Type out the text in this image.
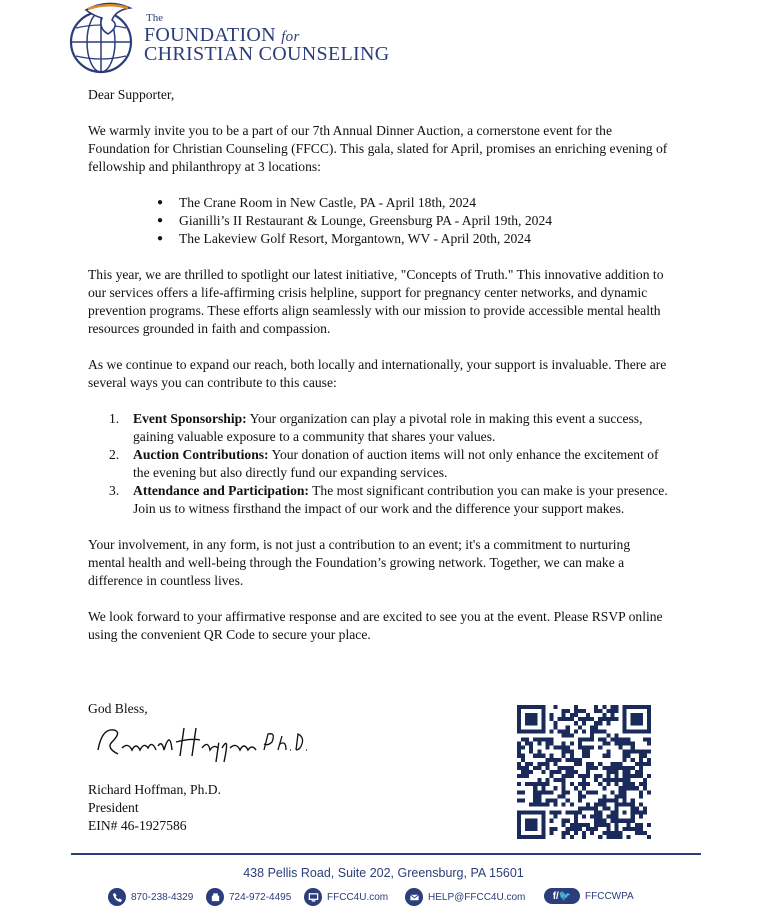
The
FOUNDATION for
CHRISTIAN COUNSELING

Dear Supporter,

We warmly invite you to be a part of our 7th Annual Dinner Auction, a cornerstone event for the Foundation for Christian Counseling (FFCC). This gala, slated for April, promises an enriching evening of fellowship and philanthropy at 3 locations:

● The Crane Room in New Castle, PA - April 18th, 2024
● Gianilli’s II Restaurant & Lounge, Greensburg PA - April 19th, 2024
● The Lakeview Golf Resort, Morgantown, WV - April 20th, 2024

This year, we are thrilled to spotlight our latest initiative, "Concepts of Truth." This innovative addition to our services offers a life-affirming crisis helpline, support for pregnancy center networks, and dynamic prevention programs. These efforts align seamlessly with our mission to provide accessible mental health resources grounded in faith and compassion.

As we continue to expand our reach, both locally and internationally, your support is invaluable. There are several ways you can contribute to this cause:

1. Event Sponsorship: Your organization can play a pivotal role in making this event a success, gaining valuable exposure to a community that shares your values.
2. Auction Contributions: Your donation of auction items will not only enhance the excitement of the evening but also directly fund our expanding services.
3. Attendance and Participation: The most significant contribution you can make is your presence. Join us to witness firsthand the impact of our work and the difference your support makes.

Your involvement, in any form, is not just a contribution to an event; it's a commitment to nurturing mental health and well-being through the Foundation’s growing network. Together, we can make a difference in countless lives.

We look forward to your affirmative response and are excited to see you at the event. Please RSVP online using the convenient QR Code to secure your place.

God Bless,
Richard Hoffman, Ph.D.
President
EIN# 46-1927586
438 Pellis Road, Suite 202, Greensburg, PA 15601
870-238-4329	724-972-4495	FFCC4U.com	HELP@FFCC4U.com	f/🐦	FFCCWPA
